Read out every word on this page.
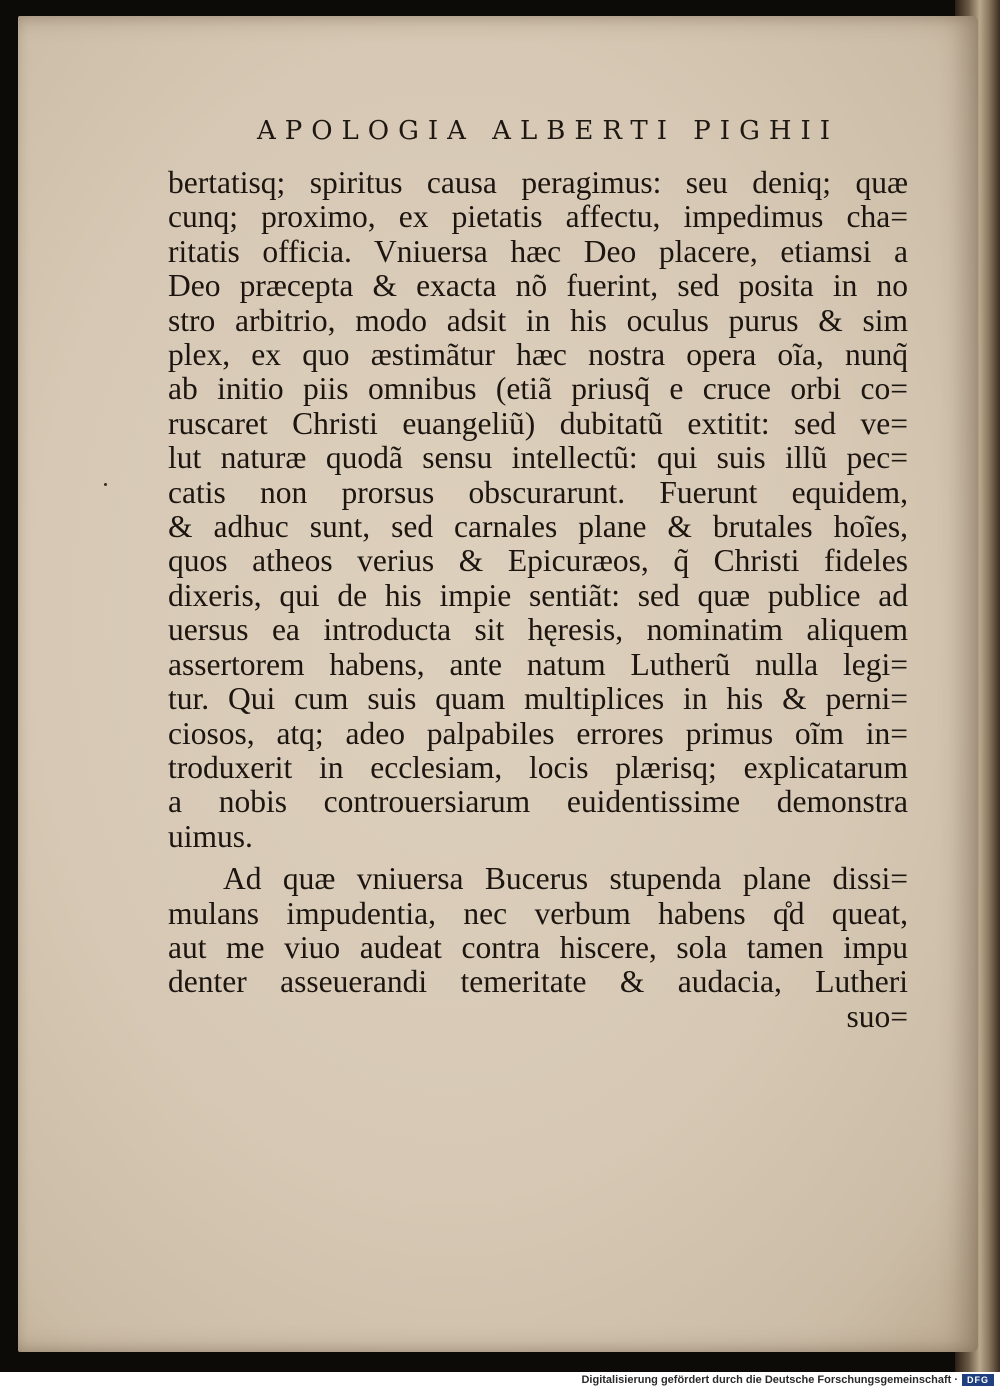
APOLOGIA ALBERTI PIGHII
bertatisq; spiritus causa peragimus: seu deniq; quæ
cunq; proximo, ex pietatis affectu, impedimus cha=
ritatis officia. Vniuersa hæc Deo placere, etiamsi a
Deo præcepta & exacta nõ fuerint, sed posita in no
stro arbitrio, modo adsit in his oculus purus & sim
plex, ex quo æstimãtur hæc nostra opera oĩa, nunq̃
ab initio piis omnibus (etiã priusq̃ e cruce orbi co=
ruscaret Christi euangeliũ) dubitatũ extitit: sed ve=
lut naturæ quodã sensu intellectũ: qui suis illũ pec=
catis non prorsus obscurarunt. Fuerunt equidem,
& adhuc sunt, sed carnales plane & brutales hoĩes,
quos atheos verius & Epicuræos, q̃ Christi fideles
dixeris, qui de his impie sentiãt: sed quæ publice ad
uersus ea introducta sit hęresis, nominatim aliquem
assertorem habens, ante natum Lutherũ nulla legi=
tur. Qui cum suis quam multiplices in his & perni=
ciosos, atq; adeo palpabiles errores primus oĩm in=
troduxerit in ecclesiam, locis plærisq; explicatarum
a nobis controuersiarum euidentissime demonstra
uimus.
Ad quæ vniuersa Bucerus stupenda plane dissi=
mulans impudentia, nec verbum habens q̊d queat,
aut me viuo audeat contra hiscere, sola tamen impu
denter asseuerandi temeritate & audacia, Lutheri
suo=
Digitalisierung gefördert durch die Deutsche Forschungsgemeinschaft ·	DFG
